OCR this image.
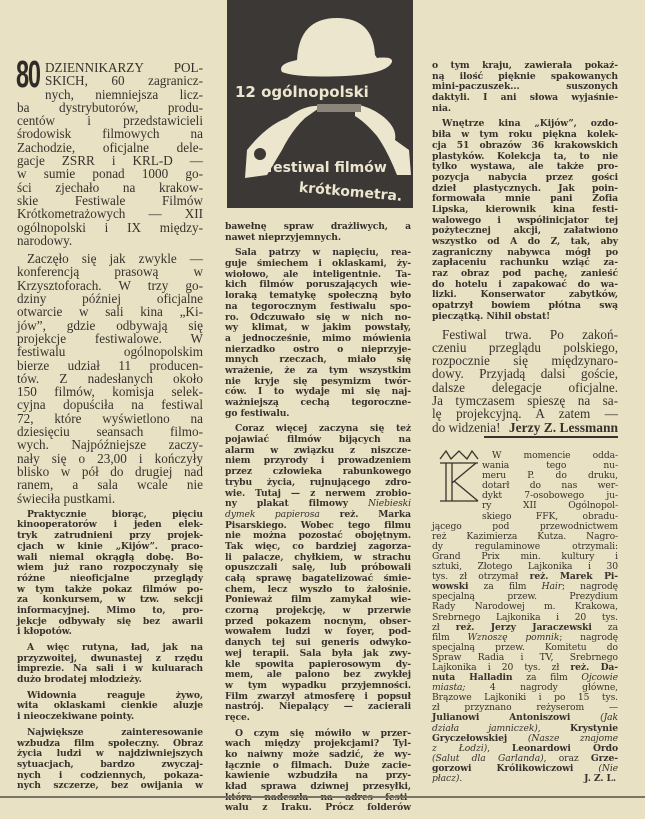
80	12 ogólnopolski
festiwal filmów
krótkometra.
DZIENNIKARZY POL-
SKICH, 60 zagranicz-
nych, niemniejsza licz-
ba dystrybutorów, produ-
centów i przedstawicieli
środowisk filmowych na
Zachodzie, oficjalne dele-
gacje ZSRR i KRL-D —
w sumie ponad 1000 go-
ści zjechało na krakow-
skie Festiwale Filmów
Krótkometrażowych — XII
ogólnopolski i IX między-
narodowy.
Zaczęło się jak zwykle —
konferencją prasową w
Krzysztoforach. W trzy go-
dziny później oficjalne
otwarcie w sali kina „Ki-
jów”, gdzie odbywają się
projekcje festiwalowe. W
festiwalu ogólnopolskim
bierze udział 11 producen-
tów. Z nadesłanych około
150 filmów, komisja selek-
cyjna dopuściła na festiwal
72, które wyświetlono na
dziesięciu seansach filmo-
wych. Najpóźniejsze zaczy-
nały się o 23,00 i kończyły
blisko w pół do drugiej nad
ranem, a sala wcale nie
świeciła pustkami.
Praktycznie biorąc, pięciu
kinooperatorów i jeden elek-
tryk zatrudnieni przy projek-
cjach w kinie „Kijów”. praco-
wali niemal okrągłą dobę. Bo-
wiem już rano rozpoczynały się
różne nieoficjalne przeglądy
w tym także pokaz filmów po-
za konkursem, w tzw. sekcji
informacyjnej. Mimo to, pro-
jekcje odbywały się bez awarii
i kłopotów.
A więc rutyna, ład, jak na
przyzwoitej, dwunastej z rzędu
imprezie. Na sali i w kuluarach
dużo brodatej młodzieży.
Widownia reaguje żywo,
wita oklaskami cienkie aluzje
i nieoczekiwane pointy.
Największe zainteresowanie
wzbudza film społeczny. Obraz
życia ludzi w najdziwniejszych
sytuacjach, bardzo zwyczaj-
nych i codziennych, pokaza-
nych szczerze, bez owijania w
bawełnę spraw drażliwych, a
nawet nieprzyjemnych.
Sala patrzy w napięciu, rea-
guje śmiechem i oklaskami, ży-
wiołowo, ale inteligentnie. Ta-
kich filmów poruszających wie-
loraką tematykę społeczną było
na tegorocznym festiwalu spo-
ro. Odczuwało się w nich no-
wy klimat, w jakim powstały,
a jednocześnie, mimo mówienia
nierzadko ostro o nieprzyje-
mnych rzeczach, miało się
wrażenie, że za tym wszystkim
nie kryje się pesymizm twór-
ców. I to wydaje mi się naj-
ważniejszą cechą tegoroczne-
go festiwalu.
Coraz więcej zaczyna się też
pojawiać filmów bijących na
alarm w związku z niszcze-
niem przyrody i prowadzeniem
przez człowieka rabunkowego
trybu życia, rujnującego zdro-
wie. Tutaj — z nerwem zrobio-
ny plakat filmowy Niebieski
dymek papierosa reż. Marka
Pisarskiego. Wobec tego filmu
nie można pozostać obojętnym.
Tak więc, co bardziej zagorza-
li palacze, chyłkiem, w strachu
opuszczali salę, lub próbowali
całą sprawę bagatelizować śmie-
chem, lecz wyszło to żałośnie.
Ponieważ film zamykał wie-
czorną projekcję, w przerwie
przed pokazem nocnym, obser-
wowałem ludzi w foyer, pod-
danych tej sui generis odwyko-
wej terapii. Sala była jak zwy-
kle spowita papierosowym dy-
mem, ale palono bez zwykłej
w tym wypadku przyjemności.
Film zwarzył atmosferę i popsuł
nastrój. Niepalący — zacierali
ręce.
O czym się mówiło w przer-
wach między projekcjami? Tyl-
ko naiwny może sadzić, że wy-
łącznie o filmach. Duże zacie-
kawienie wzbudziła na przy-
kład sprawa dziwnej przesyłki,
walu z Iraku. Prócz folderów
o tym kraju, zawierała pokaź-
ną ilość pięknie spakowanych
mini-paczuszek... suszonych
daktyli. I ani słowa wyjaśnie-
nia.
Wnętrze kina „Kijów”, ozdo-
biła w tym roku piękna kolek-
cja 51 obrazów 36 krakowskich
plastyków. Kolekcja ta, to nie
tylko wystawa, ale także pro-
pozycja nabycia przez gości
dzieł plastycznych. Jak poin-
formowała mnie pani Zofia
Lipska, kierownik kina festi-
walowego i współinicjator tej
pożytecznej akcji, załatwiono
wszystko od A do Z, tak, aby
zagraniczny nabywca mógł po
zapłaceniu rachunku wziąć za-
raz obraz pod pachę, zanieść
do hotelu i zapakować do wa-
lizki. Konserwator zabytków,
opatrzył bowiem płótna swą
pieczątką. Nihil obstat!
Festiwal trwa. Po zakoń-
czeniu przeglądu polskiego,
rozpocznie się międzynaro-
dowy. Przyjadą dalsi goście,
dalsze delegacje oficjalne.
Ja tymczasem spieszę na sa-
lę projekcyjną. A zatem —
do widzenia! Jerzy Z. Lessmann
W momencie odda-
wania tego nu-
meru P. do druku,
dotarł do nas wer-
dykt 7-osobowego ju-
ry XII Ogólnopol-
skiego FFK, obradu-
jącego pod przewodnictwem
reż Kazimierza Kutza. Nagro-
dy regulaminowe otrzymali:
Grand Prix min. kultury i
sztuki, Złotego Lajkonika i 30
tys. zł otrzymał reż. Marek Pi-
wowski za film Hair; nagrodę
specjalną przew. Prezydium
Rady Narodowej m. Krakowa,
Srebrnego Lajkonika i 20 tys.
zł reż. Jerzy Jaraczewski za
film Wznoszę pomnik; nagrodę
specjalną przew. Komitetu do
Spraw Radia i TV, Srebrnego
Lajkonika i 20 tys. zł reż. Da-
nuta Halladin za film Ojcowie
miasta; 4 nagrody główne,
Brązowe Lajkoniki i po 15 tys.
zł przyznano reżyserom —
Julianowi Antoniszowi (Jak
działa jamniczek), Krystynie
Gryczełowskiej (Nasze znajome
z Łodzi), Leonardowi Ordo
(Salut dla Garlanda), oraz Grze-
gorzowi Królikowiczowi (Nie
płacz).	J. Z. L.
